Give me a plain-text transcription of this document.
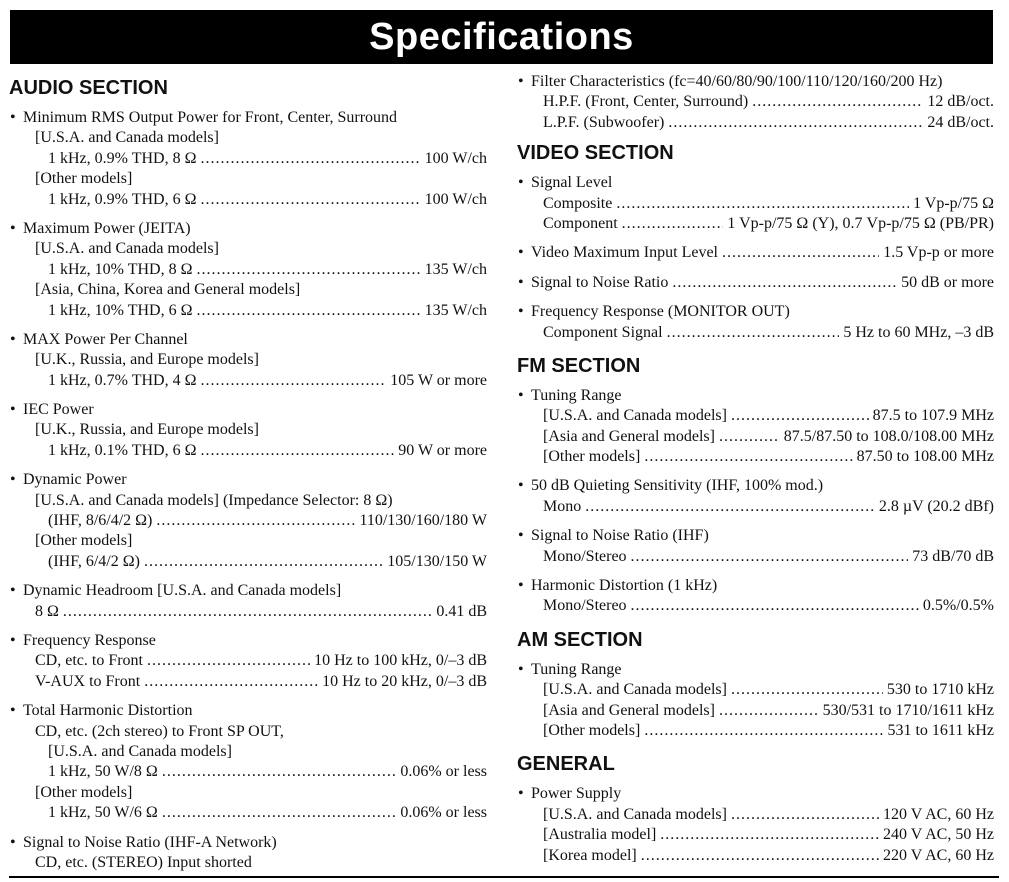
Specifications
AUDIO SECTION
• Minimum RMS Output Power for Front, Center, Surround
[U.S.A. and Canada models]
1 kHz, 0.9% THD, 8 Ω .....	100 W/ch
[Other models]
1 kHz, 0.9% THD, 6 Ω .....	100 W/ch
• Maximum Power (JEITA)
[U.S.A. and Canada models]
1 kHz, 10% THD, 8 Ω .....	135 W/ch
[Asia, China, Korea and General models]
1 kHz, 10% THD, 6 Ω .....	135 W/ch
• MAX Power Per Channel
[U.K., Russia, and Europe models]
1 kHz, 0.7% THD, 4 Ω .....	105 W or more
• IEC Power
[U.K., Russia, and Europe models]
1 kHz, 0.1% THD, 6 Ω .....	90 W or more
• Dynamic Power
[U.S.A. and Canada models] (Impedance Selector: 8 Ω)
(IHF, 8/6/4/2 Ω) .....	110/130/160/180 W
[Other models]
(IHF, 6/4/2 Ω) .....	105/130/150 W
• Dynamic Headroom [U.S.A. and Canada models]
8 Ω .....	0.41 dB
• Frequency Response
CD, etc. to Front .....	10 Hz to 100 kHz, 0/–3 dB
V-AUX to Front .....	10 Hz to 20 kHz, 0/–3 dB
• Total Harmonic Distortion
CD, etc. (2ch stereo) to Front SP OUT,
[U.S.A. and Canada models]
1 kHz, 50 W/8 Ω .....	0.06% or less
[Other models]
1 kHz, 50 W/6 Ω .....	0.06% or less
• Signal to Noise Ratio (IHF-A Network)
CD, etc. (STEREO) Input shorted
• Filter Characteristics (fc=40/60/80/90/100/110/120/160/200 Hz)
H.P.F. (Front, Center, Surround) .....	12 dB/oct.
L.P.F. (Subwoofer) .....	24 dB/oct.
VIDEO SECTION
• Signal Level
Composite .....	1 Vp-p/75 Ω
Component .....	1 Vp-p/75 Ω (Y), 0.7 Vp-p/75 Ω (PB/PR)
• Video Maximum Input Level .....	1.5 Vp-p or more
• Signal to Noise Ratio .....	50 dB or more
• Frequency Response (MONITOR OUT)
Component Signal .....	5 Hz to 60 MHz, –3 dB
FM SECTION
• Tuning Range
[U.S.A. and Canada models] .....	87.5 to 107.9 MHz
[Asia and General models] .....	87.5/87.50 to 108.0/108.00 MHz
[Other models] .....	87.50 to 108.00 MHz
• 50 dB Quieting Sensitivity (IHF, 100% mod.)
Mono .....	2.8 µV (20.2 dBf)
• Signal to Noise Ratio (IHF)
Mono/Stereo .....	73 dB/70 dB
• Harmonic Distortion (1 kHz)
Mono/Stereo .....	0.5%/0.5%
AM SECTION
• Tuning Range
[U.S.A. and Canada models] .....	530 to 1710 kHz
[Asia and General models] .....	530/531 to 1710/1611 kHz
[Other models] .....	531 to 1611 kHz
GENERAL
• Power Supply
[U.S.A. and Canada models] .....	120 V AC, 60 Hz
[Australia model] .....	240 V AC, 50 Hz
[Korea model] .....	220 V AC, 60 Hz
